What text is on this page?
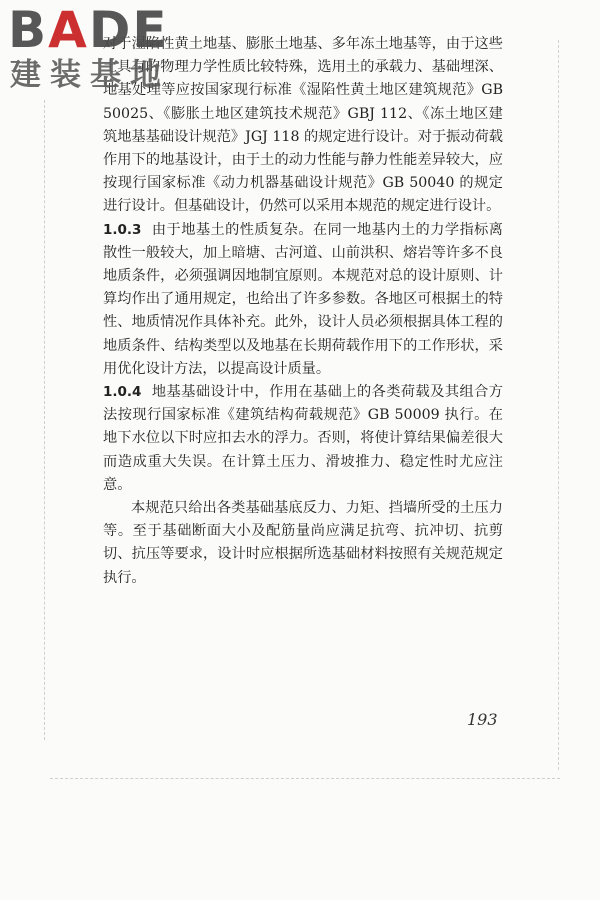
BADE
建装基地

对于湿陷性黄土地基、膨胀土地基、多年冻土地基等，由于这些土具有的物理力学性质比较特殊，选用土的承载力、基础埋深、地基处理等应按国家现行标准《湿陷性黄土地区建筑规范》GB 50025、《膨胀土地区建筑技术规范》GBJ 112、《冻土地区建筑地基基础设计规范》JGJ 118 的规定进行设计。对于振动荷载作用下的地基设计，由于土的动力性能与静力性能差异较大，应按现行国家标准《动力机器基础设计规范》GB 50040 的规定进行设计。但基础设计，仍然可以采用本规范的规定进行设计。

1.0.3 由于地基土的性质复杂。在同一地基内土的力学指标离散性一般较大，加上暗塘、古河道、山前洪积、熔岩等许多不良地质条件，必须强调因地制宜原则。本规范对总的设计原则、计算均作出了通用规定，也给出了许多参数。各地区可根据土的特性、地质情况作具体补充。此外，设计人员必须根据具体工程的地质条件、结构类型以及地基在长期荷载作用下的工作形状，采用优化设计方法，以提高设计质量。

1.0.4 地基基础设计中，作用在基础上的各类荷载及其组合方法按现行国家标准《建筑结构荷载规范》GB 50009 执行。在地下水位以下时应扣去水的浮力。否则，将使计算结果偏差很大而造成重大失误。在计算土压力、滑坡推力、稳定性时尤应注意。

本规范只给出各类基础基底反力、力矩、挡墙所受的土压力等。至于基础断面大小及配筋量尚应满足抗弯、抗冲切、抗剪切、抗压等要求，设计时应根据所选基础材料按照有关规范规定执行。

193
